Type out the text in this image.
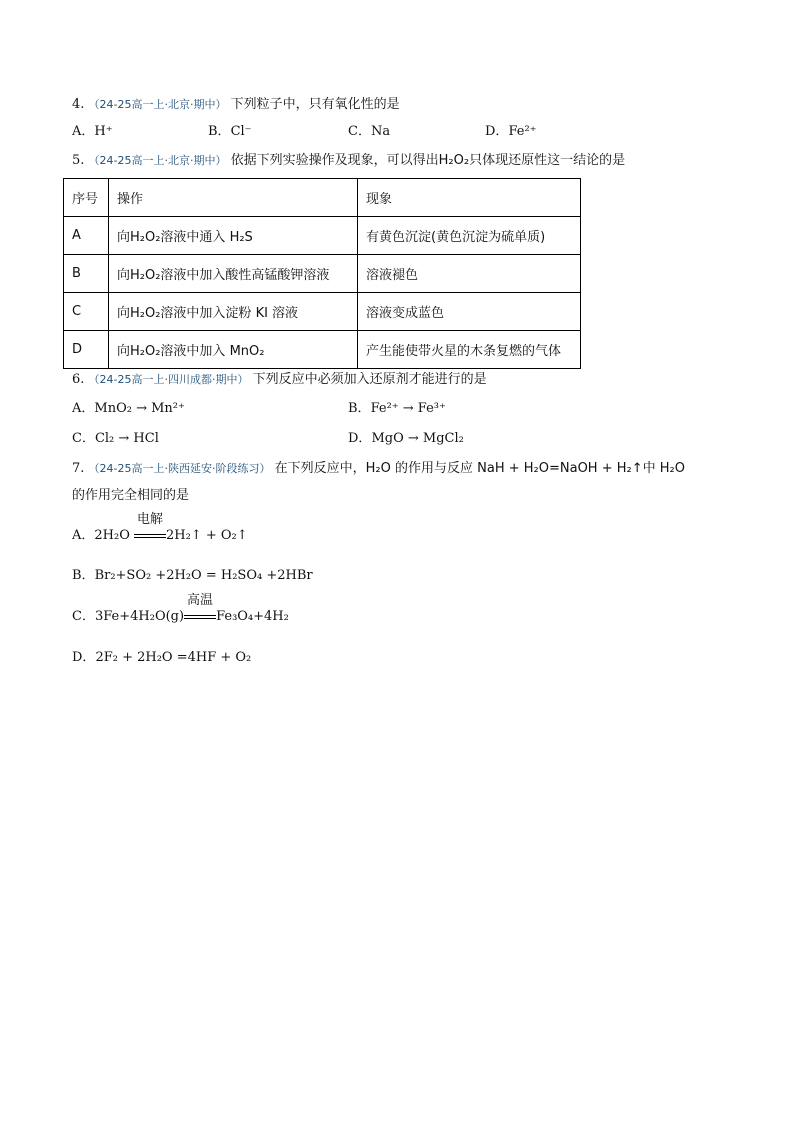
4. （24-25高一上·北京·期中） 下列粒子中，只有氧化性的是
A．H⁺	B．Cl⁻	C．Na	D．Fe²⁺
5. （24-25高一上·北京·期中） 依据下列实验操作及现象，可以得出H₂O₂只体现还原性这一结论的是
序号	操作	现象
A	向H₂O₂溶液中通入 H₂S	有黄色沉淀(黄色沉淀为硫单质)
B	向H₂O₂溶液中加入酸性高锰酸钾溶液	溶液褪色
C	向H₂O₂溶液中加入淀粉 KI 溶液	溶液变成蓝色
D	向H₂O₂溶液中加入 MnO₂	产生能使带火星的木条复燃的气体
6. （24-25高一上·四川成都·期中） 下列反应中必须加入还原剂才能进行的是
A．MnO₂ → Mn²⁺	B．Fe²⁺ → Fe³⁺
C．Cl₂ → HCl	D．MgO → MgCl₂
7. （24-25高一上·陕西延安·阶段练习） 在下列反应中，H₂O 的作用与反应 NaH + H₂O=NaOH + H₂↑中 H₂O
的作用完全相同的是
A．2H₂O
电解
2H₂↑ + O₂↑
B．Br₂+SO₂ +2H₂O = H₂SO₄ +2HBr
C．3Fe+4H₂O(g)
高温
Fe₃O₄+4H₂
D．2F₂ + 2H₂O =4HF + O₂
